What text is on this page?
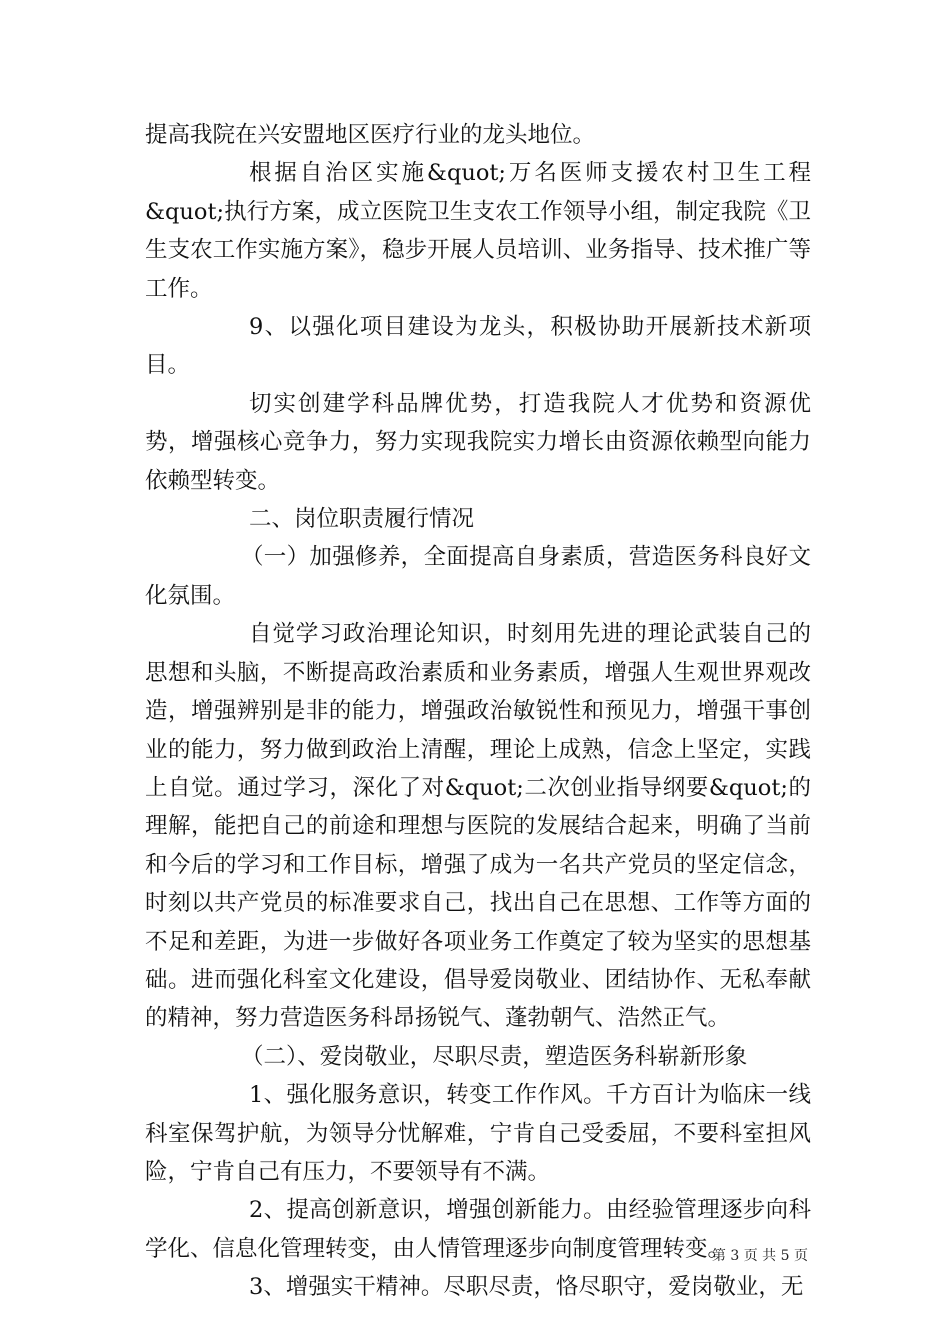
提高我院在兴安盟地区医疗行业的龙头地位。

根据自治区实施&quot;万名医师支援农村卫生工程&quot;执行方案，成立医院卫生支农工作领导小组，制定我院《卫生支农工作实施方案》，稳步开展人员培训、业务指导、技术推广等工作。

9、以强化项目建设为龙头，积极协助开展新技术新项目。

切实创建学科品牌优势，打造我院人才优势和资源优势，增强核心竞争力，努力实现我院实力增长由资源依赖型向能力依赖型转变。

二、岗位职责履行情况

（一）加强修养，全面提高自身素质，营造医务科良好文化氛围。

自觉学习政治理论知识，时刻用先进的理论武装自己的思想和头脑，不断提高政治素质和业务素质，增强人生观世界观改造，增强辨别是非的能力，增强政治敏锐性和预见力，增强干事创业的能力，努力做到政治上清醒，理论上成熟，信念上坚定，实践上自觉。通过学习，深化了对&quot;二次创业指导纲要&quot;的理解，能把自己的前途和理想与医院的发展结合起来，明确了当前和今后的学习和工作目标，增强了成为一名共产党员的坚定信念，时刻以共产党员的标准要求自己，找出自己在思想、工作等方面的不足和差距，为进一步做好各项业务工作奠定了较为坚实的思想基础。进而强化科室文化建设，倡导爱岗敬业、团结协作、无私奉献的精神，努力营造医务科昂扬锐气、蓬勃朝气、浩然正气。

（二）、爱岗敬业，尽职尽责，塑造医务科崭新形象

1、强化服务意识，转变工作作风。千方百计为临床一线科室保驾护航，为领导分忧解难，宁肯自己受委屈，不要科室担风险，宁肯自己有压力，不要领导有不满。

2、提高创新意识，增强创新能力。由经验管理逐步向科学化、信息化管理转变，由人情管理逐步向制度管理转变。

3、增强实干精神。尽职尽责，恪尽职守，爱岗敬业，无

第 3 页 共 5 页
